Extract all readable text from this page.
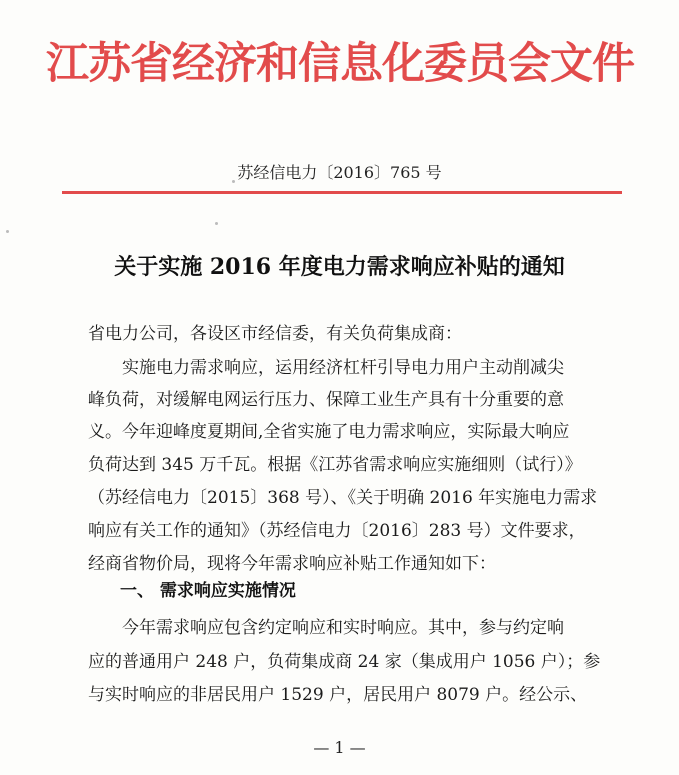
江苏省经济和信息化委员会文件
苏经信电力〔2016〕765 号
关于实施 2016 年度电力需求响应补贴的通知
省电力公司，各设区市经信委，有关负荷集成商：
　　实施电力需求响应，运用经济杠杆引导电力用户主动削减尖
峰负荷，对缓解电网运行压力、保障工业生产具有十分重要的意
义。今年迎峰度夏期间,全省实施了电力需求响应，实际最大响应
负荷达到 345 万千瓦。根据《江苏省需求响应实施细则（试行）》
（苏经信电力〔2015〕368 号）、《关于明确 2016 年实施电力需求
响应有关工作的通知》（苏经信电力〔2016〕283 号）文件要求，
经商省物价局，现将今年需求响应补贴工作通知如下：
一、 需求响应实施情况
　　今年需求响应包含约定响应和实时响应。其中，参与约定响
应的普通用户 248 户，负荷集成商 24 家（集成用户 1056 户）；参
与实时响应的非居民用户 1529 户，居民用户 8079 户。经公示、
— 1 —
